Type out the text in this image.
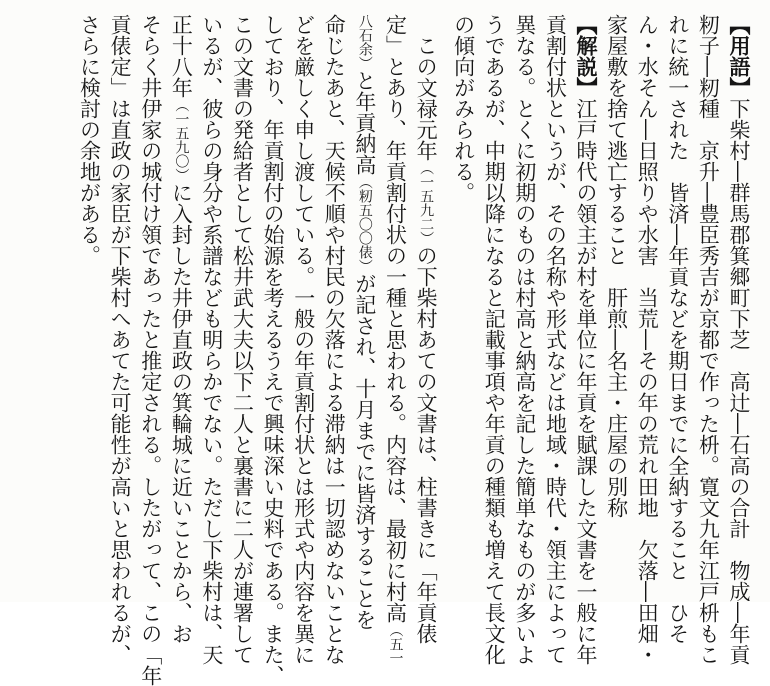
【用語】下柴村―群馬郡箕郷町下芝　高辻―石高の合計　物成―年貢

籾子―籾種　京升―豊臣秀吉が京都で作った枡。寛文九年江戸枡もこ

れに統一された　皆済―年貢などを期日までに全納すること　ひそ

ん・水そん―日照りや水害　当荒―その年の荒れ田地　欠落―田畑・

家屋敷を捨て逃亡すること　肝煎―名主・庄屋の別称

【解説】江戸時代の領主が村を単位に年貢を賦課した文書を一般に年

貢割付状というが、その名称や形式などは地域・時代・領主によって

異なる。とくに初期のものは村高と納高を記した簡単なものが多いよ

うであるが、中期以降になると記載事項や年貢の種類も増えて長文化

の傾向がみられる。

この文禄元年（一五九二）の下柴村あての文書は、柱書きに「年貢俵

定」とあり、年貢割付状の一種と思われる。内容は、最初に村高（五一

八石余）と年貢納高（籾五〇〇俵）が記され、十月までに皆済することを

命じたあと、天候不順や村民の欠落による滞納は一切認めないことな

どを厳しく申し渡している。一般の年貢割付状とは形式や内容を異に

しており、年貢割付の始源を考えるうえで興味深い史料である。また、

この文書の発給者として松井武大夫以下二人と裏書に二人が連署して

いるが、彼らの身分や系譜なども明らかでない。ただし下柴村は、天

正十八年（一五九〇）に入封した井伊直政の箕輪城に近いことから、お

そらく井伊家の城付け領であったと推定される。したがって、この「年

貢俵定」は直政の家臣が下柴村へあてた可能性が高いと思われるが、

さらに検討の余地がある。
